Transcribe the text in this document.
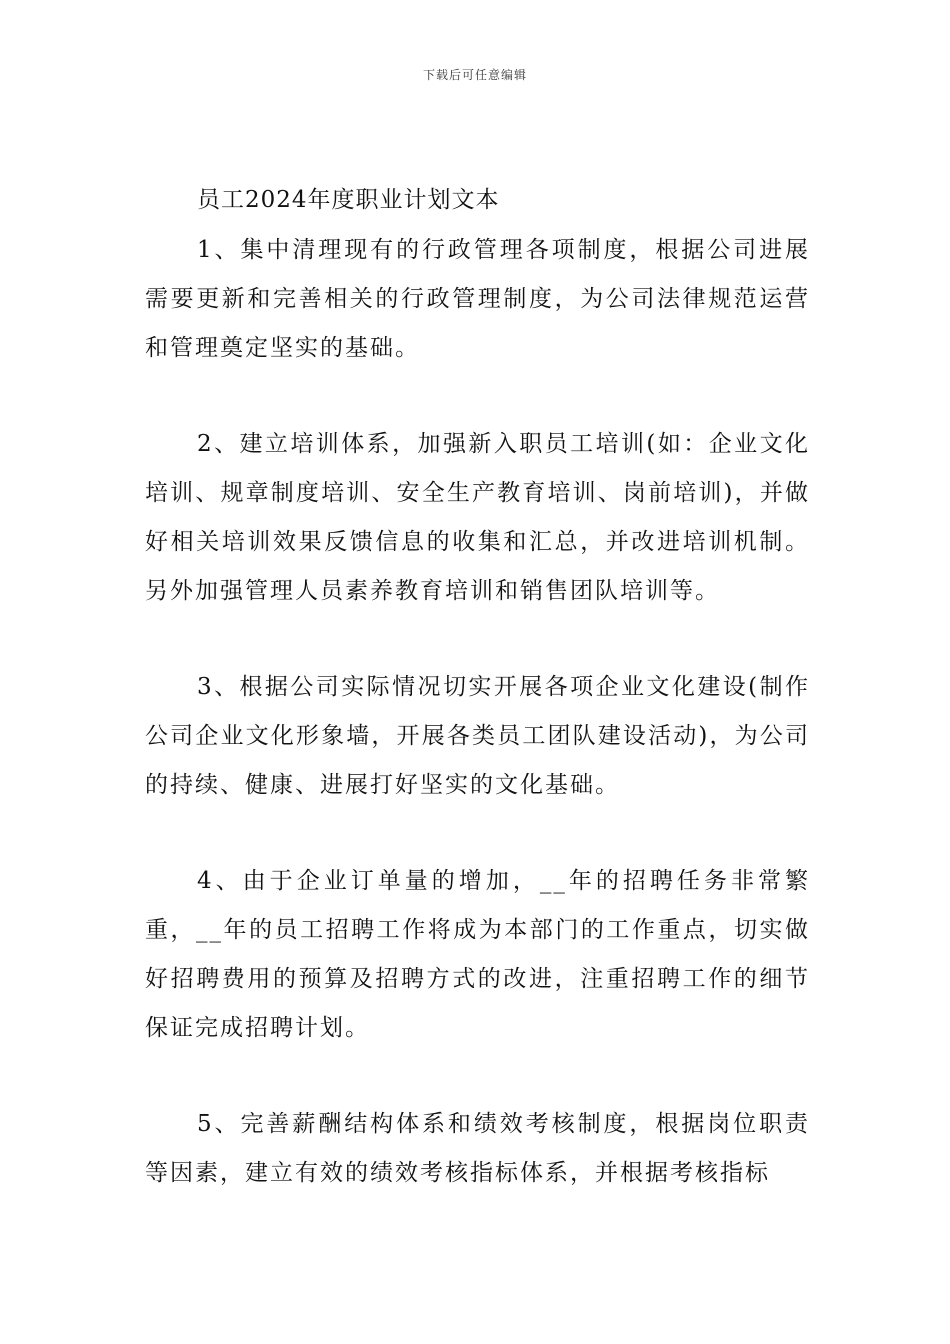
下载后可任意编辑
员工2024年度职业计划文本

1、集中清理现有的行政管理各项制度，根据公司进展需要更新和完善相关的行政管理制度，为公司法律规范运营和管理奠定坚实的基础。

2、建立培训体系，加强新入职员工培训(如：企业文化培训、规章制度培训、安全生产教育培训、岗前培训)，并做好相关培训效果反馈信息的收集和汇总，并改进培训机制。另外加强管理人员素养教育培训和销售团队培训等。

3、根据公司实际情况切实开展各项企业文化建设(制作公司企业文化形象墙，开展各类员工团队建设活动)，为公司的持续、健康、进展打好坚实的文化基础。

4、由于企业订单量的增加，__年的招聘任务非常繁重，__年的员工招聘工作将成为本部门的工作重点，切实做好招聘费用的预算及招聘方式的改进，注重招聘工作的细节保证完成招聘计划。

5、完善薪酬结构体系和绩效考核制度，根据岗位职责等因素，建立有效的绩效考核指标体系，并根据考核指标
